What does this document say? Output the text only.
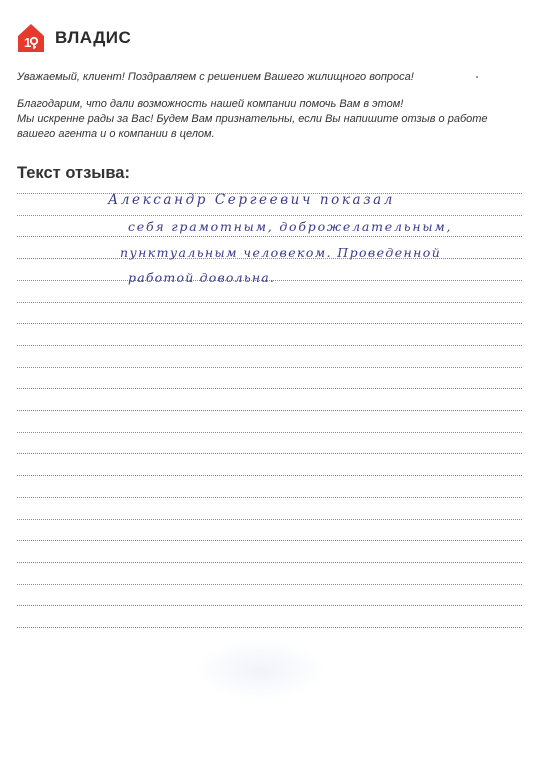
1 ВЛАДИС

Уважаемый, клиент! Поздравляем с решением Вашего жилищного вопроса!

Благодарим, что дали возможность нашей компании помочь Вам в этом!

Мы искренне рады за Вас! Будем Вам признательны, если Вы напишите отзыв о работе

вашего агента и о компании в целом.

Текст отзыва:
Александр Сергеевич показал
себя грамотным, доброжелательным,
пунктуальным человеком. Проведенной
работой довольна.
